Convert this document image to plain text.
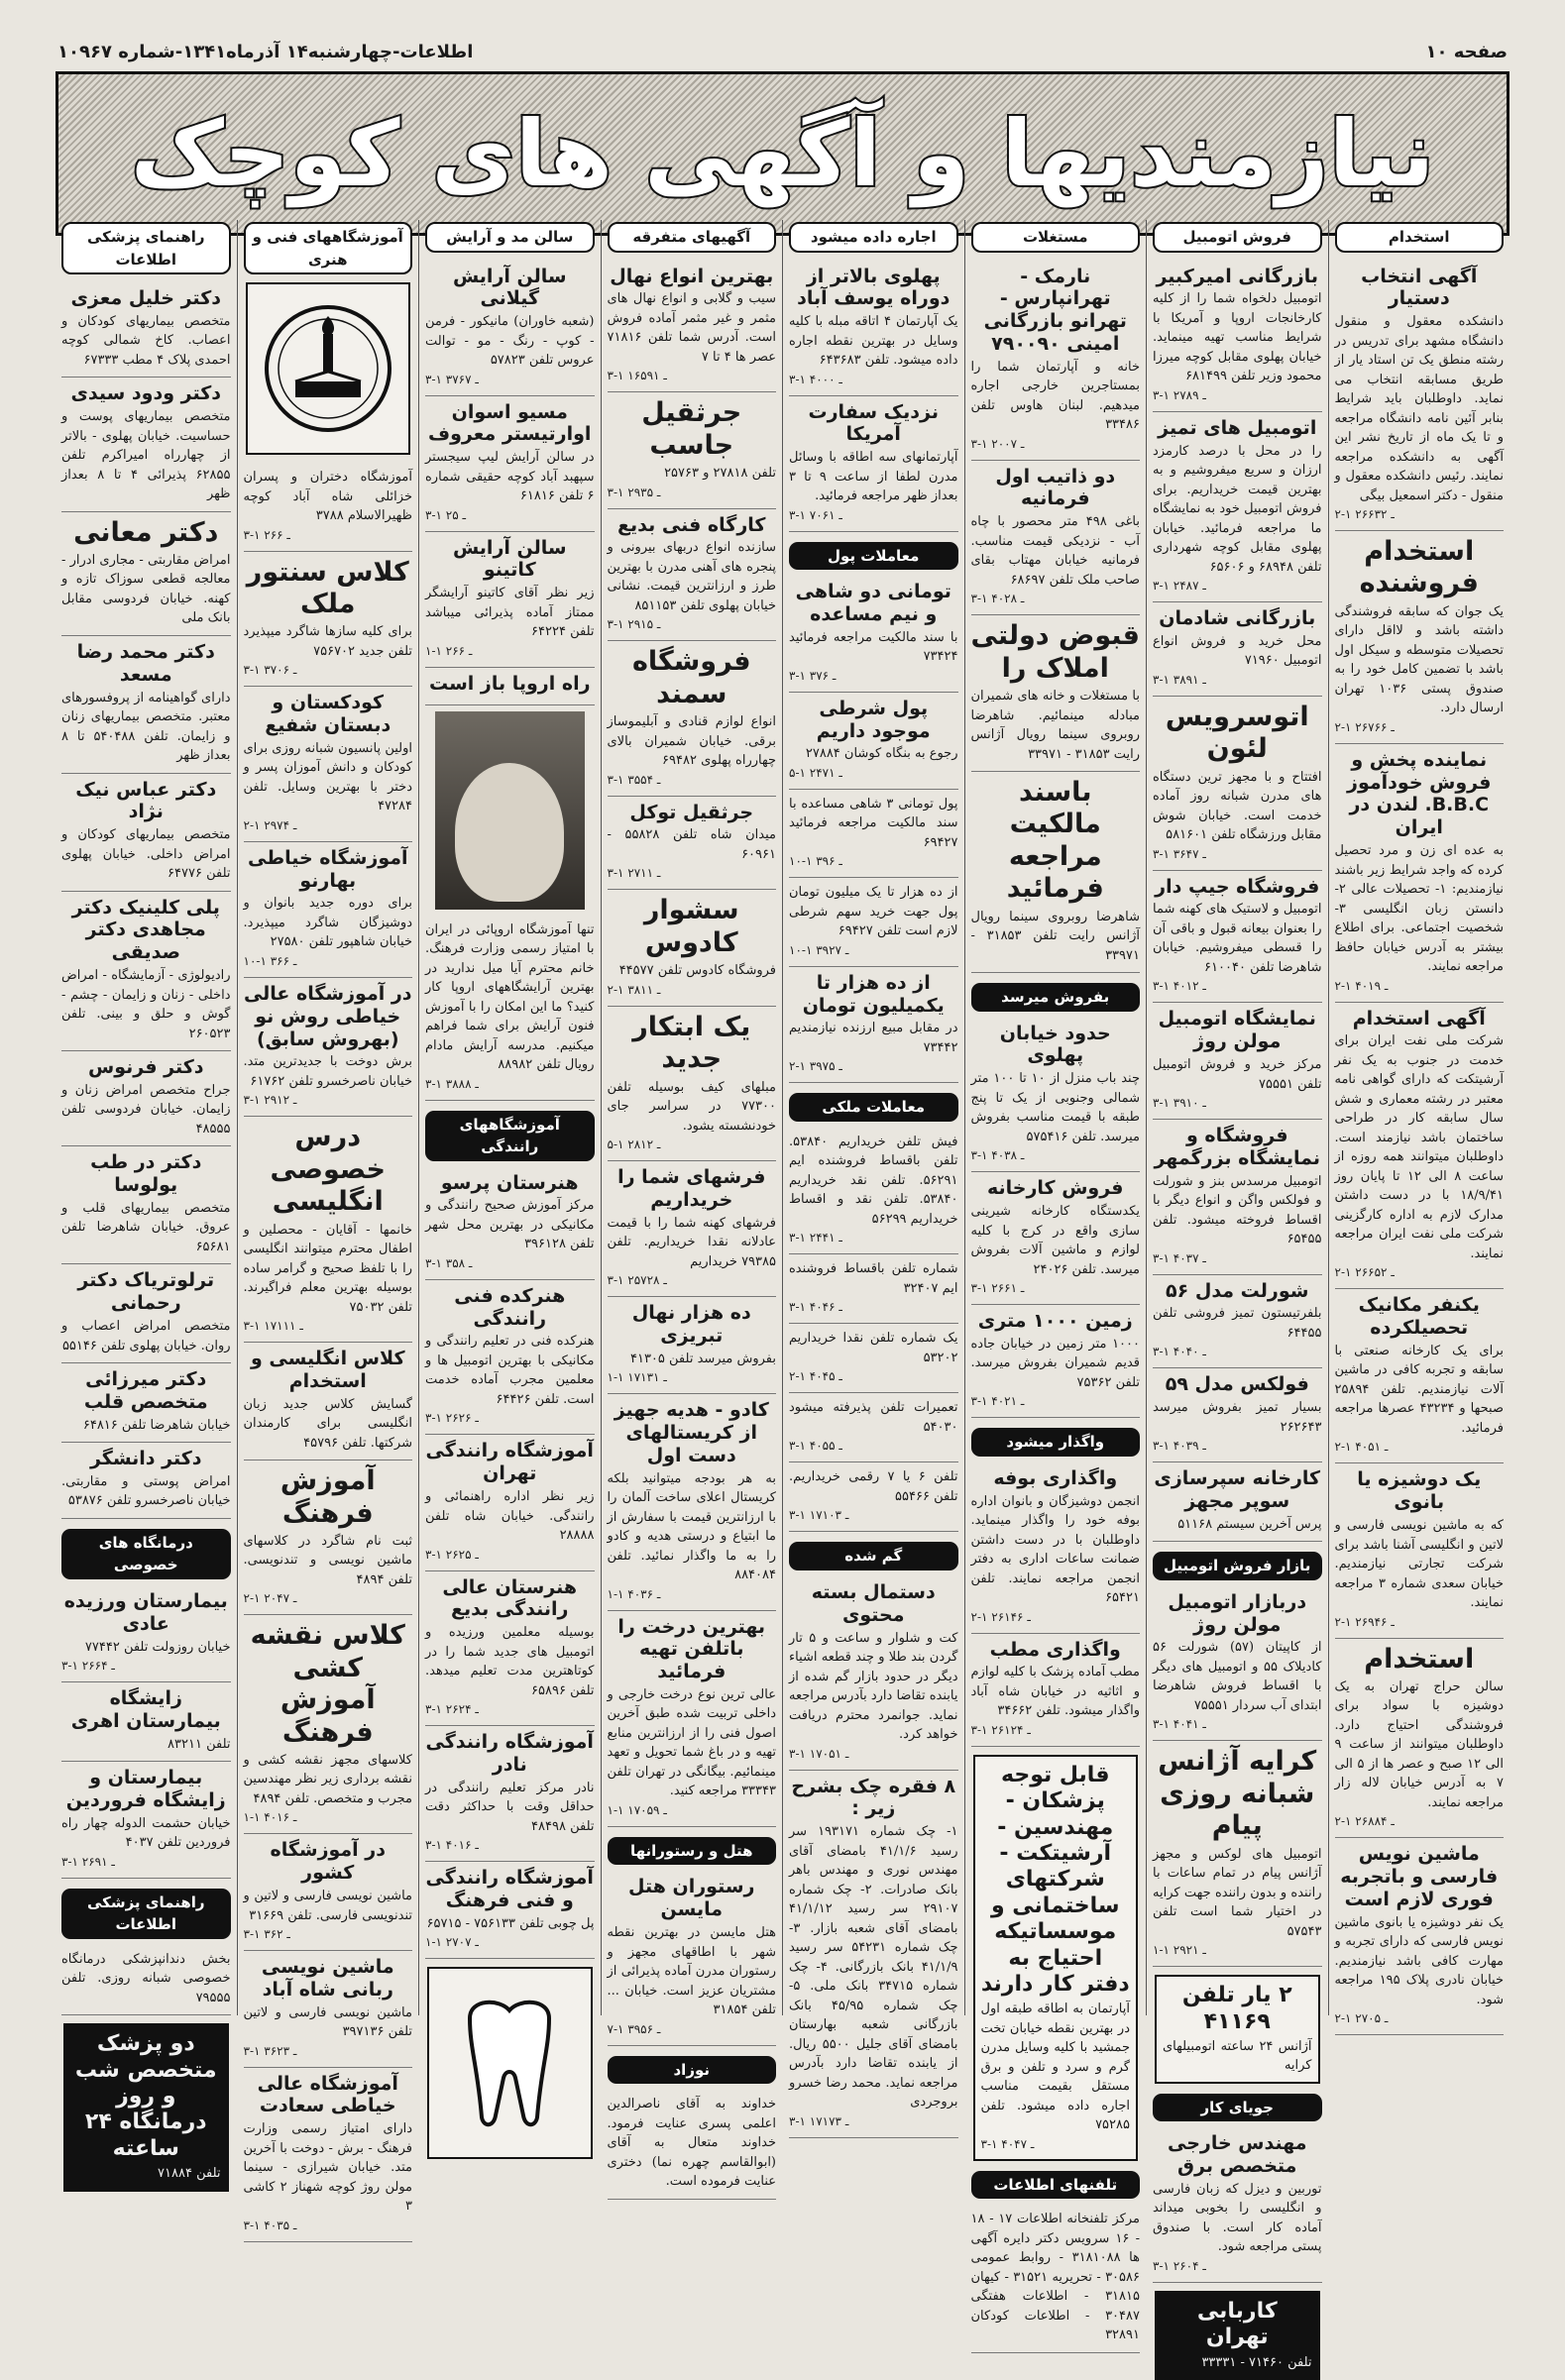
صفحه ۱۰
اطلاعات-چهارشنبه۱۴ آذرماه۱۳۴۱-شماره ۱۰۹۶۷
نیازمندیها و آگهی های کوچک
استخدام
آگهی انتخاب دستیار
دانشکده معقول و منقول دانشگاه مشهد برای تدریس در رشته منطق یک تن استاد یار از طریق مسابقه انتخاب می نماید. داوطلبان باید شرایط بنابر آئین نامه دانشگاه مراجعه و تا یک ماه از تاریخ نشر این آگهی به دانشکده مراجعه نمایند. رئیس دانشکده معقول و منقول - دکتر اسمعیل بیگی
۲-۱ ـ ۲۶۶۳۲
استخدام فروشنده
یک جوان که سابقه فروشندگی داشته باشد و لااقل دارای تحصیلات متوسطه و سیکل اول باشد با تضمین کامل خود را به صندوق پستی ۱۰۳۶ تهران ارسال دارد.
۲-۱ ـ ۲۶۷۶۶
نماینده پخش و فروش خودآموز B.B.C. لندن در ایران
به عده ای زن و مرد تحصیل کرده که واجد شرایط زیر باشند نیازمندیم: ۱- تحصیلات عالی ۲- دانستن زبان انگلیسی ۳- شخصیت اجتماعی. برای اطلاع بیشتر به آدرس خیابان حافظ مراجعه نمایند.
۲-۱ ـ ۴۰۱۹
آگهی استخدام
شرکت ملی نفت ایران برای خدمت در جنوب به یک نفر آرشیتکت که دارای گواهی نامه معتبر در رشته معماری و شش سال سابقه کار در طراحی ساختمان باشد نیازمند است. داوطلبان میتوانند همه روزه از ساعت ۸ الی ۱۲ تا پایان روز ۱۸/۹/۴۱ با در دست داشتن مدارک لازم به اداره کارگزینی شرکت ملی نفت ایران مراجعه نمایند.
۲-۱ ـ ۲۶۶۵۲
یکنفر مکانیک تحصیلکرده
برای یک کارخانه صنعتی با سابقه و تجربه کافی در ماشین آلات نیازمندیم. تلفن ۲۵۸۹۴ صبحها و ۴۳۲۳۴ عصرها مراجعه فرمائید.
۲-۱ ـ ۴۰۵۱
یک دوشیزه یا بانوی
که به ماشین نویسی فارسی و لاتین و انگلیسی آشنا باشد برای شرکت تجارتی نیازمندیم. خیابان سعدی شماره ۳ مراجعه نمایند.
۲-۱ ـ ۲۶۹۴۶
استخدام
سالن حراج تهران به یک دوشیزه با سواد برای فروشندگی احتیاج دارد. داوطلبان میتوانند از ساعت ۹ الی ۱۲ صبح و عصر ها از ۵ الی ۷ به آدرس خیابان لاله زار مراجعه نمایند.
۲-۱ ـ ۲۶۸۸۴
ماشین نویس فارسی و باتجربه فوری لازم است
یک نفر دوشیزه یا بانوی ماشین نویس فارسی که دارای تجربه و مهارت کافی باشد نیازمندیم. خیابان نادری پلاک ۱۹۵ مراجعه شود.
۲-۱ ـ ۲۷۰۵
فروش اتومبیل
بازرگانی امیرکبیر
اتومبیل دلخواه شما را از کلیه کارخانجات اروپا و آمریکا با شرایط مناسب تهیه مینماید. خیابان پهلوی مقابل کوچه میرزا محمود وزیر تلفن ۶۸۱۴۹۹
۳-۱ ـ ۲۷۸۹
اتومبیل های تمیز
را در محل با درصد کارمزد ارزان و سریع میفروشیم و به بهترین قیمت خریداریم. برای فروش اتومبیل خود به نمایشگاه ما مراجعه فرمائید. خیابان پهلوی مقابل کوچه شهرداری تلفن ۶۸۹۴۸ و ۶۵۶۰۶
۳-۱ ـ ۲۴۸۷
بازرگانی شادمان
محل خرید و فروش انواع اتومبیل ۷۱۹۶۰
۳-۱ ـ ۳۸۹۱
اتوسرویس لئون
افتتاح و با مجهز ترین دستگاه های مدرن شبانه روز آماده خدمت است. خیابان شوش مقابل ورزشگاه تلفن ۵۸۱۶۰۱
۳-۱ ـ ۳۶۴۷
فروشگاه جیپ دار
اتومبیل و لاستیک های کهنه شما را بعنوان بیعانه قبول و باقی آن را قسطی میفروشیم. خیابان شاهرضا تلفن ۶۱۰۰۴۰
۳-۱ ـ ۴۰۱۲
نمایشگاه اتومبیل مولن روژ
مرکز خرید و فروش اتومبیل تلفن ۷۵۵۵۱
۳-۱ ـ ۳۹۱۰
فروشگاه و نمایشگاه بزرگمهر
اتومبیل مرسدس بنز و شورلت و فولکس واگن و انواع دیگر با اقساط فروخته میشود. تلفن ۶۵۴۵۵
۳-۱ ـ ۴۰۳۷
شورلت مدل ۵۶
بلفرتیستون تمیز فروشی تلفن ۶۴۴۵۵
۳-۱ ـ ۴۰۴۰
فولکس مدل ۵۹
بسیار تمیز بفروش میرسد ۲۶۲۶۴۳
۳-۱ ـ ۴۰۳۹
کارخانه سپرسازی سوپر مجهز
پرس آخرین سیستم ۵۱۱۶۸
بازار فروش اتومبیل
دربازار اتومبیل مولن روژ
از کاپیتان (۵۷) شورلت ۵۶ کادیلاک ۵۵ و اتومبیل های دیگر با اقساط فروش شاهرضا ابتدای آب سردار ۷۵۵۵۱
۳-۱ ـ ۴۰۴۱
کرایه آژانس شبانه روزی پیام
اتومبیل های لوکس و مجهز آژانس پیام در تمام ساعات با راننده و بدون راننده جهت کرایه در اختیار شما است تلفن ۵۷۵۴۳
۱-۱ ـ ۲۹۲۱
۲ یار تلفن ۴۱۱۶۹
آژانس ۲۴ ساعته اتومبیلهای کرایه
جویای کار
مهندس خارجی متخصص برق
توربین و دیزل که زبان فارسی و انگلیسی را بخوبی میداند آماده کار است. با صندوق پستی مراجعه شود.
۳-۱ ـ ۲۶۰۴
کاربابی تهران
تلفن ۷۱۴۶۰ - ۳۳۳۳۱
مستغلات
نارمک - تهرانپارس - تهرانو بازرگانی امینی ۷۹۰۰۹۰
خانه و آپارتمان شما را بمستاجرین خارجی اجاره میدهیم. لبنان هاوس تلفن ۳۳۴۸۶
۳-۱ ـ ۲۰۰۷
دو ذاتیب اول فرمانیه
باغی ۴۹۸ متر محصور با چاه آب - نزدیکی قیمت مناسب. فرمانیه خیابان مهتاب بقای صاحب ملک تلفن ۶۸۶۹۷
۳-۱ ـ ۴۰۲۸
قبوض دولتی املاک را
با مستغلات و خانه های شمیران مبادله مینمائیم. شاهرضا روبروی سینما رویال آژانس رایت ۳۱۸۵۳ - ۳۳۹۷۱
باسند مالکیت مراجعه فرمائید
شاهرضا روبروی سینما رویال آژانس رایت تلفن ۳۱۸۵۳ - ۳۳۹۷۱
بفروش میرسد
حدود خیابان پهلوی
چند باب منزل از ۱۰ تا ۱۰۰ متر شمالی وجنوبی از یک تا پنج طبقه با قیمت مناسب بفروش میرسد. تلفن ۵۷۵۴۱۶
۳-۱ ـ ۴۰۳۸
فروش کارخانه
یکدستگاه کارخانه شیرینی سازی واقع در کرج با کلیه لوازم و ماشین آلات بفروش میرسد. تلفن ۲۴۰۲۶
۳-۱ ـ ۲۶۶۱
زمین ۱۰۰۰ متری
۱۰۰۰ متر زمین در خیابان جاده قدیم شمیران بفروش میرسد. تلفن ۷۵۳۶۲
۳-۱ ـ ۴۰۲۱
واگذار میشود
واگذاری بوفه
انجمن دوشیزگان و بانوان اداره بوفه خود را واگذار مینماید. داوطلبان با در دست داشتن ضمانت ساعات اداری به دفتر انجمن مراجعه نمایند. تلفن ۶۵۴۲۱
۲-۱ ـ ۲۶۱۴۶
واگذاری مطب
مطب آماده پزشک با کلیه لوازم و اثاثیه در خیابان شاه آباد واگذار میشود. تلفن ۳۴۶۶۲
۳-۱ ـ ۲۶۱۲۴
قابل توجه پزشکان - مهندسین - آرشیتکت - شرکتهای ساختمانی و موسساتیکه احتیاج به دفتر کار دارند
آپارتمان به اطاقه طبقه اول در بهترین نقطه خیابان تخت جمشید با کلیه وسایل مدرن گرم و سرد و تلفن و برق مستقل بقیمت مناسب اجاره داده میشود. تلفن ۷۵۲۸۵
۳-۱ ـ ۴۰۴۷
تلفنهای اطلاعات
مرکز تلفنخانه اطلاعات ۱۷ - ۱۸ - ۱۶ سرویس دکتر دایره آگهی ها ۳۱۸۱۰۸۸ - روابط عمومی ۳۰۵۸۶ - تحریریه ۳۱۵۲۱ - کیهان ۳۱۸۱۵ - اطلاعات هفتگی ۳۰۴۸۷ - اطلاعات کودکان ۳۲۸۹۱
اجاره داده میشود
پهلوی بالاتر از دوراه یوسف آباد
یک آپارتمان ۴ اتاقه مبله با کلیه وسایل در بهترین نقطه اجاره داده میشود. تلفن ۶۴۳۶۸۳
۳-۱ ـ ۴۰۰۰
نزدیک سفارت آمریکا
آپارتمانهای سه اطاقه با وسائل مدرن لطفا از ساعت ۹ تا ۳ بعداز ظهر مراجعه فرمائید.
۳-۱ ـ ۷۰۶۱
معاملات پول
تومانی دو شاهی و نیم مساعده
با سند مالکیت مراجعه فرمائید ۷۳۴۲۴
۳-۱ ـ ۳۷۶
پول شرطی موجود داریم
رجوع به بنگاه کوشان ۲۷۸۸۴
۵-۱ ـ ۲۴۷۱
پول تومانی ۳ شاهی مساعده با سند مالکیت مراجعه فرمائید ۶۹۴۲۷
۱۰-۱ ـ ۳۹۶
از ده هزار تا یک میلیون تومان پول جهت خرید سهم شرطی لازم است تلفن ۶۹۴۲۷
۱۰-۱ ـ ۳۹۲۷
از ده هزار تا یکمیلیون تومان
در مقابل مبیع ارزنده نیازمندیم ۷۳۴۴۲
۲-۱ ـ ۳۹۷۵
معاملات ملکی
فیش تلفن خریداریم ۵۳۸۴۰. تلفن باقساط فروشنده ایم ۵۶۲۹۱. تلفن نقد خریداریم ۵۳۸۴۰. تلفن نقد و اقساط خریداریم ۵۶۲۹۹
۳-۱ ـ ۲۴۴۱
شماره تلفن باقساط فروشنده ایم ۳۲۴۰۷
۳-۱ ـ ۴۰۴۶
یک شماره تلفن نقدا خریداریم ۵۳۲۰۲
۲-۱ ـ ۴۰۴۵
تعمیرات تلفن پذیرفته میشود ۵۴۰۳۰
۳-۱ ـ ۴۰۵۵
تلفن ۶ یا ۷ رقمی خریداریم. تلفن ۵۵۴۶۶
۳-۱ ـ ۱۷۱۰۳
گم شده
دستمال بسته محتوی
کت و شلوار و ساعت و ۵ تار گردن بند طلا و چند قطعه اشیاء دیگر در حدود بازار گم شده از یابنده تقاضا دارد بآدرس مراجعه نماید. جوانمرد محترم دریافت خواهد کرد.
۳-۱ ـ ۱۷۰۵۱
۸ فقره چک بشرح زیر :
۱- چک شماره ۱۹۳۱۷۱ سر رسید ۴۱/۱/۶ بامضای آقای مهندس نوری و مهندس باهر بانک صادرات. ۲- چک شماره ۲۹۱۰۷ سر رسید ۴۱/۱/۱۲ بامضای آقای شعبه بازار. ۳- چک شماره ۵۴۲۳۱ سر رسید ۴۱/۱/۹ بانک بازرگانی. ۴- چک شماره ۳۴۷۱۵ بانک ملی. ۵- چک شماره ۴۵/۹۵ بانک بازرگانی شعبه بهارستان بامضای آقای جلیل ۵۵۰۰ ریال. از یابنده تقاضا دارد بآدرس مراجعه نماید. محمد رضا خسرو بروجردی
۳-۱ ـ ۱۷۱۷۳
آگهیهای متفرقه
بهترین انواع نهال
سیب و گلابی و انواع نهال های مثمر و غیر مثمر آماده فروش است. آدرس شما تلفن ۷۱۸۱۶ عصر ها ۴ تا ۷
۳-۱ ـ ۱۶۵۹۱
جرثقیل جاسب
تلفن ۲۷۸۱۸ و ۲۵۷۶۳
۳-۱ ـ ۲۹۳۵
کارگاه فنی بدیع
سازنده انواع دربهای بیرونی و پنجره های آهنی مدرن با بهترین طرز و ارزانترین قیمت. نشانی خیابان پهلوی تلفن ۸۵۱۱۵۳
۳-۱ ـ ۲۹۱۵
فروشگاه سمند
انواع لوازم قنادی و آبلیموساز برقی. خیابان شمیران بالای چهارراه پهلوی ۶۹۴۸۲
۳-۱ ـ ۳۵۵۴
جرثقیل توکل
میدان شاه تلفن ۵۵۸۲۸ - ۶۰۹۶۱
۳-۱ ـ ۲۷۱۱
سشوار کادوس
فروشگاه کادوس تلفن ۴۴۵۷۷
۲-۱ ـ ۳۸۱۱
یک ابتکار جدید
مبلهای کیف بوسیله تلفن ۷۷۳۰۰ در سراسر جای خودنشسته یشود.
۵-۱ ـ ۲۸۱۲
فرشهای شما را خریداریم
فرشهای کهنه شما را با قیمت عادلانه نقدا خریداریم. تلفن ۷۹۳۸۵ خریداریم
۳-۱ ـ ۲۵۷۲۸
ده هزار نهال تبریزی
بفروش میرسد تلفن ۴۱۳۰۵
۱-۱ ـ ۱۷۱۳۱
کادو - هدیه جهیز از کریستالهای دست اول
به هر بودجه میتوانید بلکه کریستال اعلای ساخت آلمان را با ارزانترین قیمت با سفارش از ما ابتیاع و درستی هدیه و کادو را به ما واگذار نمائید. تلفن ۸۸۴۰۸۴
۱-۱ ـ ۴۰۳۶
بهترین درخت را باتلفن تهیه فرمائید
عالی ترین نوع درخت خارجی و داخلی تربیت شده طبق آخرین اصول فنی را از ارزانترین منابع تهیه و در باغ شما تحویل و تعهد مینمائیم. بیگانگی در تهران تلفن ۳۳۳۴۳ مراجعه کنید.
۱-۱ ـ ۱۷۰۵۹
هتل و رستورانها
رستوران هتل مایسن
هتل مایسن در بهترین نقطه شهر با اطاقهای مجهز و رستوران مدرن آماده پذیرائی از مشتریان عزیز است. خیابان ... تلفن ۳۱۸۵۴
۷-۱ ـ ۳۹۵۶
نوزاد
خداوند به آقای ناصرالدین اعلمی پسری عنایت فرمود. خداوند متعال به آقای (ابوالقاسم چهره نما) دختری عنایت فرموده است.
سالن مد و آرایش
سالن آرایش گیلانی
(شعبه خاوران) مانیکور - فرمن - کوپ - رنگ - مو - توالت عروس تلفن ۵۷۸۲۳
۳-۱ ـ ۳۷۶۷
مسیو اسوان اوارتیستر معروف
در سالن آرایش لیپ سیجستر سپهبد آباد کوچه حقیقی شماره ۶ تلفن ۶۱۸۱۶
۳-۱ ـ ۲۵
سالن آرایش کاتینو
زیر نظر آقای کاتینو آرایشگر ممتاز آماده پذیرائی میباشد تلفن ۶۴۲۲۴
۱-۱ ـ ۲۶۶
راه اروپا باز است
تنها آموزشگاه اروپائی در ایران با امتیاز رسمی وزارت فرهنگ. خانم محترم آیا میل ندارید در بهترین آرایشگاههای اروپا کار کنید؟ ما این امکان را با آموزش فنون آرایش برای شما فراهم میکنیم. مدرسه آرایش مادام رویال تلفن ۸۸۹۸۲
۳-۱ ـ ۳۸۸۸
آموزشگاههای رانندگی
هنرستان پرسو
مرکز آموزش صحیح رانندگی و مکانیکی در بهترین محل شهر تلفن ۳۹۶۱۲۸
۳-۱ ـ ۳۵۸
هنرکده فنی رانندگی
هنرکده فنی در تعلیم رانندگی و مکانیکی با بهترین اتومبیل ها و معلمین مجرب آماده خدمت است. تلفن ۶۴۴۲۶
۳-۱ ـ ۲۶۲۶
آموزشگاه رانندگی تهران
زیر نظر اداره راهنمائی و رانندگی. خیابان شاه تلفن ۲۸۸۸۸
۳-۱ ـ ۲۶۲۵
هنرستان عالی رانندگی بدیع
بوسیله معلمین ورزیده و اتومبیل های جدید شما را در کوتاهترین مدت تعلیم میدهد. تلفن ۶۵۸۹۶
۳-۱ ـ ۲۶۲۴
آموزشگاه رانندگی نادر
نادر مرکز تعلیم رانندگی در حداقل وقت با حداکثر دقت تلفن ۴۸۴۹۸
۳-۱ ـ ۴۰۱۶
آموزشگاه رانندگی و فنی فرهنگ
پل چوبی تلفن ۷۵۶۱۳۳ - ۶۵۷۱۵
۱-۱ ـ ۲۷۰۷
آموزشگاههای فنی و هنری
آموزشگاه دختران و پسران خزائلی شاه آباد کوچه ظهیرالاسلام ۳۷۸۸
۳-۱ ـ ۲۶۶
کلاس سنتور ملک
برای کلیه سازها شاگرد میپذیرد تلفن جدید ۷۵۶۷۰۲
۳-۱ ـ ۳۷۰۶
کودکستان و دبستان شفیع
اولین پانسیون شبانه روزی برای کودکان و دانش آموزان پسر و دختر با بهترین وسایل. تلفن ۴۷۲۸۴
۲-۱ ـ ۲۹۷۴
آموزشگاه خیاطی بهارنو
برای دوره جدید بانوان و دوشیزگان شاگرد میپذیرد. خیابان شاهپور تلفن ۲۷۵۸۰
۱۰-۱ ـ ۳۶۶
در آموزشگاه عالی خیاطی روش نو (بهروش سابق)
برش دوخت با جدیدترین متد. خیابان ناصرخسرو تلفن ۶۱۷۶۲
۳-۱ ـ ۲۹۱۲
درس خصوصی انگلیسی
خانمها - آقایان - محصلین و اطفال محترم میتوانند انگلیسی را با تلفظ صحیح و گرامر ساده بوسیله بهترین معلم فراگیرند. تلفن ۷۵۰۳۲
۳-۱ ـ ۱۷۱۱۱
کلاس انگلیسی و استخدام
گسایش کلاس جدید زبان انگلیسی برای کارمندان شرکتها. تلفن ۴۵۷۹۶
آموزش فرهنگ
ثبت نام شاگرد در کلاسهای ماشین نویسی و تندنویسی. تلفن ۴۸۹۴
۲-۱ ـ ۲۰۴۷
کلاس نقشه کشی آموزش فرهنگ
کلاسهای مجهز نقشه کشی و نقشه برداری زیر نظر مهندسین مجرب و متخصص. تلفن ۴۸۹۴
۱-۱ ـ ۴۰۱۶
در آموزشگاه کشور
ماشین نویسی فارسی و لاتین و تندنویسی فارسی. تلفن ۳۱۶۶۹
۳-۱ ـ ۳۶۲
ماشین نویسی ربانی شاه آباد
ماشین نویسی فارسی و لاتین تلفن ۳۹۷۱۳۶
۳-۱ ـ ۳۶۲۳
آموزشگاه عالی خیاطی سعادت
دارای امتیاز رسمی وزارت فرهنگ - برش - دوخت با آخرین متد. خیابان شیرازی - سینما مولن روژ کوچه شهناز ۲ کاشی ۳
۳-۱ ـ ۴۰۳۵
راهنمای پزشکی اطلاعات
دکتر خلیل معزی
متخصص بیماریهای کودکان و اعصاب. کاخ شمالی کوچه احمدی پلاک ۴ مطب ۶۷۳۳۳
دکتر ودود سیدی
متخصص بیماریهای پوست و حساسیت. خیابان پهلوی - بالاتر از چهارراه امیراکرم تلفن ۶۲۸۵۵ پذیرائی ۴ تا ۸ بعداز ظهر
دکتر معانی
امراض مقاربتی - مجاری ادرار - معالجه قطعی سوزاک تازه و کهنه. خیابان فردوسی مقابل بانک ملی
دکتر محمد رضا مسعد
دارای گواهینامه از پروفسورهای معتبر. متخصص بیماریهای زنان و زایمان. تلفن ۵۴۰۴۸۸ تا ۸ بعداز ظهر
دکتر عباس نیک نژاد
متخصص بیماریهای کودکان و امراض داخلی. خیابان پهلوی تلفن ۶۴۷۷۶
پلی کلینیک دکتر مجاهدی دکتر صدیقی
رادیولوژی - آزمایشگاه - امراض داخلی - زنان و زایمان - چشم - گوش و حلق و بینی. تلفن ۲۶۰۵۲۳
دکتر فرنوس
جراح متخصص امراض زنان و زایمان. خیابان فردوسی تلفن ۴۸۵۵۵
دکتر در طب یولوسا
متخصص بیماریهای قلب و عروق. خیابان شاهرضا تلفن ۶۵۶۸۱
ترلوتریاک دکتر رحمانی
متخصص امراض اعصاب و روان. خیابان پهلوی تلفن ۵۵۱۴۶
دکتر میرزائی متخصص قلب
خیابان شاهرضا تلفن ۶۴۸۱۶
دکتر دانشگر
امراض پوستی و مقاربتی. خیابان ناصرخسرو تلفن ۵۳۸۷۶
درمانگاه های خصوصی
بیمارستان ورزیده عادی
خیابان روزولت تلفن ۷۷۴۴۲
۳-۱ ـ ۲۶۶۴
زایشگاه بیمارستان اهری
تلفن ۸۳۲۱۱
بیمارستان و زایشگاه فروردین
خیابان حشمت الدوله چهار راه فروردین تلفن ۴۰۳۷
۳-۱ ـ ۲۶۹۱
راهنمای پزشکی اطلاعات
بخش دندانپزشکی درمانگاه خصوصی شبانه روزی. تلفن ۷۹۵۵۵
دو پزشک متخصص شب و روز درمانگاه ۲۴ ساعته
تلفن ۷۱۸۸۴
